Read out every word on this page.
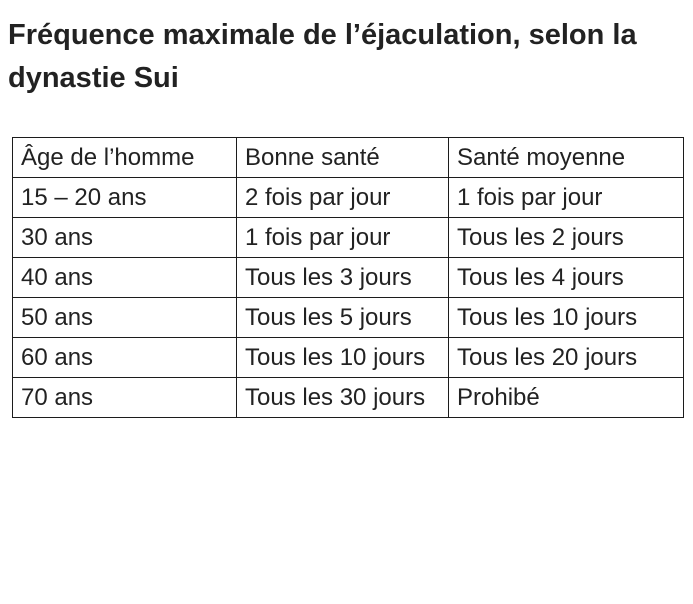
Fréquence maximale de l’éjaculation, selon la dynastie Sui
Âge de l’homme	Bonne santé	Santé moyenne
15 – 20 ans	2 fois par jour	1 fois par jour
30 ans	1 fois par jour	Tous les 2 jours
40 ans	Tous les 3 jours	Tous les 4 jours
50 ans	Tous les 5 jours	Tous les 10 jours
60 ans	Tous les 10 jours	Tous les 20 jours
70 ans	Tous les 30 jours	Prohibé
